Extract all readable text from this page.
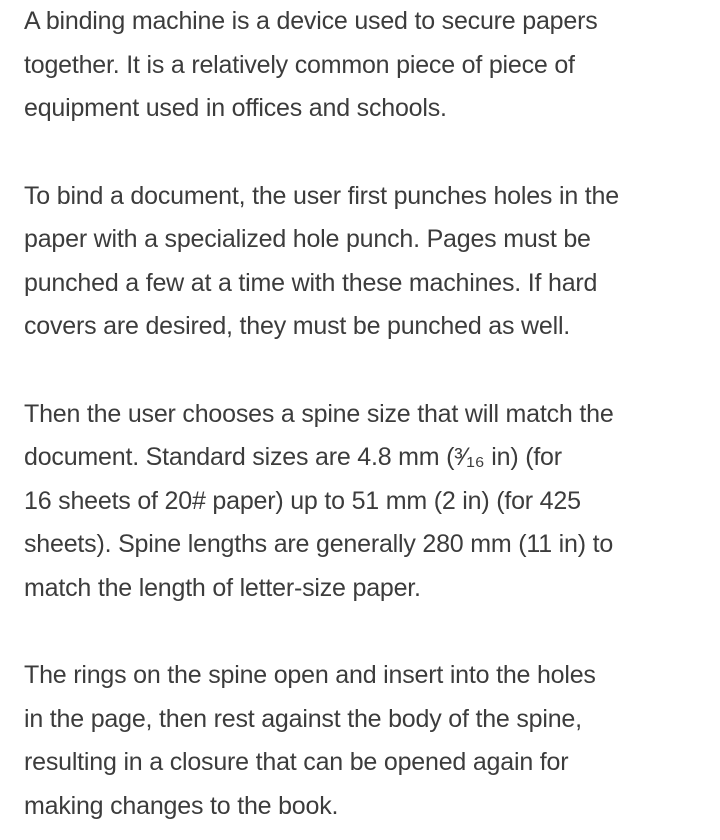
A binding machine is a device used to secure papers
together. It is a relatively common piece of piece of
equipment used in offices and schools.

To bind a document, the user first punches holes in the
paper with a specialized hole punch. Pages must be
punched a few at a time with these machines. If hard
covers are desired, they must be punched as well.

Then the user chooses a spine size that will match the
document. Standard sizes are 4.8 mm (³⁄₁₆ in) (for
16 sheets of 20# paper) up to 51 mm (2 in) (for 425
sheets). Spine lengths are generally 280 mm (11 in) to
match the length of letter-size paper.

The rings on the spine open and insert into the holes
in the page, then rest against the body of the spine,
resulting in a closure that can be opened again for
making changes to the book.
